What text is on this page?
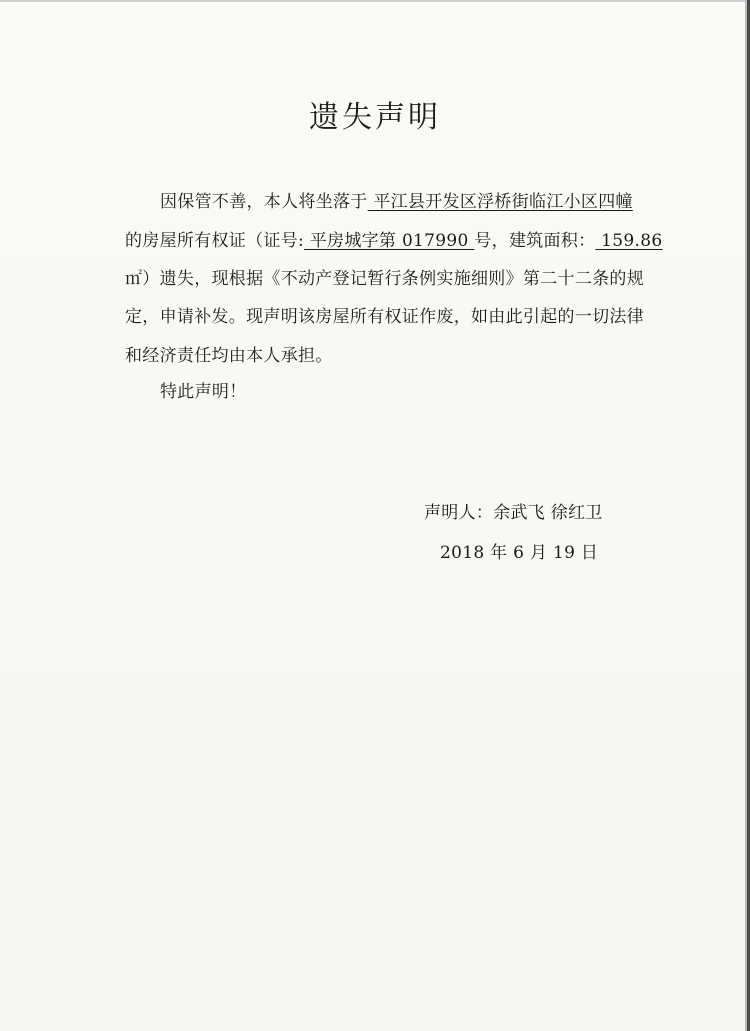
遗失声明
因保管不善，本人将坐落于 平江县开发区浮桥街临江小区四幢
的房屋所有权证（证号: 平房城字第 017990 号，建筑面积： 159.86
㎡）遗失，现根据《不动产登记暂行条例实施细则》第二十二条的规
定，申请补发。现声明该房屋所有权证作废，如由此引起的一切法律
和经济责任均由本人承担。
特此声明！
声明人：余武飞 徐红卫
2018 年 6 月 19 日
